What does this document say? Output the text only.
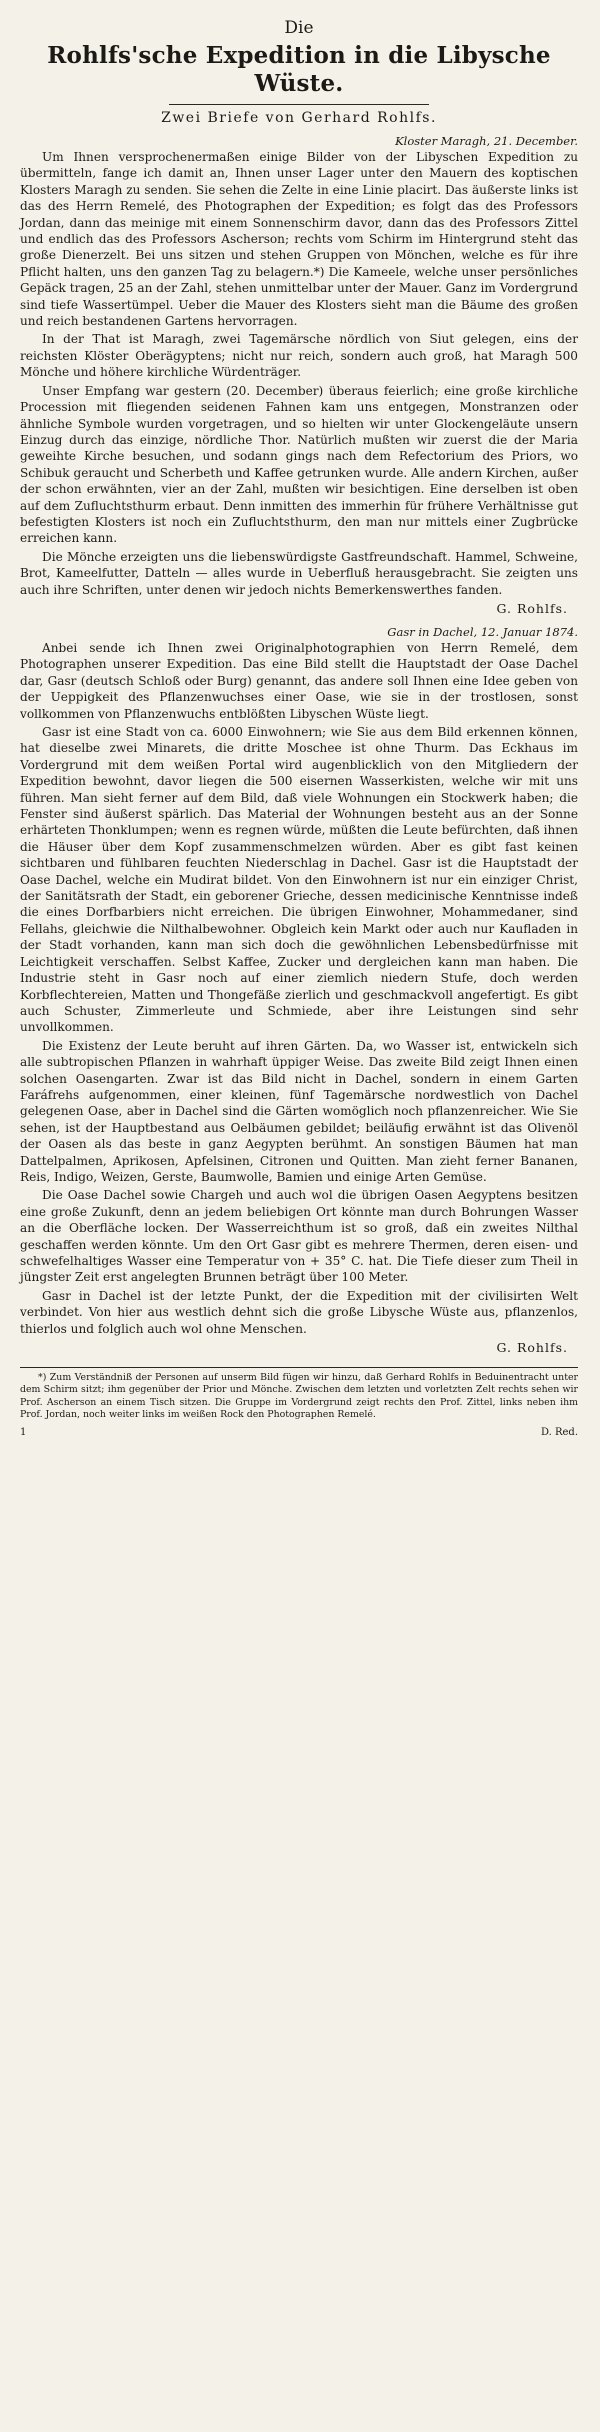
Die

Rohlfs'sche Expedition in die Libysche Wüste.

Zwei Briefe von Gerhard Rohlfs.

Kloster Maragh, 21. December.

Um Ihnen versprochenermaßen einige Bilder von der Libyschen Expedition zu übermitteln, fange ich damit an, Ihnen unser Lager unter den Mauern des koptischen Klosters Maragh zu senden. Sie sehen die Zelte in eine Linie placirt. Das äußerste links ist das des Herrn Remelé, des Photographen der Expedition; es folgt das des Professors Jordan, dann das meinige mit einem Sonnenschirm davor, dann das des Professors Zittel und endlich das des Professors Ascherson; rechts vom Schirm im Hintergrund steht das große Dienerzelt. Bei uns sitzen und stehen Gruppen von Mönchen, welche es für ihre Pflicht halten, uns den ganzen Tag zu belagern.*) Die Kameele, welche unser persönliches Gepäck tragen, 25 an der Zahl, stehen unmittelbar unter der Mauer. Ganz im Vordergrund sind tiefe Wassertümpel. Ueber die Mauer des Klosters sieht man die Bäume des großen und reich bestandenen Gartens hervorragen.

In der That ist Maragh, zwei Tagemärsche nördlich von Siut gelegen, eins der reichsten Klöster Oberägyptens; nicht nur reich, sondern auch groß, hat Maragh 500 Mönche und höhere kirchliche Würdenträger.

Unser Empfang war gestern (20. December) überaus feierlich; eine große kirchliche Procession mit fliegenden seidenen Fahnen kam uns entgegen, Monstranzen oder ähnliche Symbole wurden vorgetragen, und so hielten wir unter Glockengeläute unsern Einzug durch das einzige, nördliche Thor. Natürlich mußten wir zuerst die der Maria geweihte Kirche besuchen, und sodann gings nach dem Refectorium des Priors, wo Schibuk geraucht und Scherbeth und Kaffee getrunken wurde. Alle andern Kirchen, außer der schon erwähnten, vier an der Zahl, mußten wir besichtigen. Eine derselben ist oben auf dem Zufluchtsthurm erbaut. Denn inmitten des immerhin für frühere Verhältnisse gut befestigten Klosters ist noch ein Zufluchtsthurm, den man nur mittels einer Zugbrücke erreichen kann.

Die Mönche erzeigten uns die liebenswürdigste Gastfreundschaft. Hammel, Schweine, Brot, Kameelfutter, Datteln — alles wurde in Ueberfluß herausgebracht. Sie zeigten uns auch ihre Schriften, unter denen wir jedoch nichts Bemerkenswerthes fanden.

G. Rohlfs.

Gasr in Dachel, 12. Januar 1874.

Anbei sende ich Ihnen zwei Originalphotographien von Herrn Remelé, dem Photographen unserer Expedition. Das eine Bild stellt die Hauptstadt der Oase Dachel dar, Gasr (deutsch Schloß oder Burg) genannt, das andere soll Ihnen eine Idee geben von der Ueppigkeit des Pflanzenwuchses einer Oase, wie sie in der trostlosen, sonst vollkommen von Pflanzenwuchs entblößten Libyschen Wüste liegt.

Gasr ist eine Stadt von ca. 6000 Einwohnern; wie Sie aus dem Bild erkennen können, hat dieselbe zwei Minarets, die dritte Moschee ist ohne Thurm. Das Eckhaus im Vordergrund mit dem weißen Portal wird augenblicklich von den Mitgliedern der Expedition bewohnt, davor liegen die 500 eisernen Wasserkisten, welche wir mit uns führen. Man sieht ferner auf dem Bild, daß viele Wohnungen ein Stockwerk haben; die Fenster sind äußerst spärlich. Das Material der Wohnungen besteht aus an der Sonne erhärteten Thonklumpen; wenn es regnen würde, müßten die Leute befürchten, daß ihnen die Häuser über dem Kopf zusammenschmelzen würden. Aber es gibt fast keinen sichtbaren und fühlbaren feuchten Niederschlag in Dachel. Gasr ist die Hauptstadt der Oase Dachel, welche ein Mudirat bildet. Von den Einwohnern ist nur ein einziger Christ, der Sanitätsrath der Stadt, ein geborener Grieche, dessen medicinische Kenntnisse indeß die eines Dorfbarbiers nicht erreichen. Die übrigen Einwohner, Mohammedaner, sind Fellahs, gleichwie die Nilthalbewohner. Obgleich kein Markt oder auch nur Kaufladen in der Stadt vorhanden, kann man sich doch die gewöhnlichen Lebensbedürfnisse mit Leichtigkeit verschaffen. Selbst Kaffee, Zucker und dergleichen kann man haben. Die Industrie steht in Gasr noch auf einer ziemlich niedern Stufe, doch werden Korbflechtereien, Matten und Thongefäße zierlich und geschmackvoll angefertigt. Es gibt auch Schuster, Zimmerleute und Schmiede, aber ihre Leistungen sind sehr unvollkommen.

Die Existenz der Leute beruht auf ihren Gärten. Da, wo Wasser ist, entwickeln sich alle subtropischen Pflanzen in wahrhaft üppiger Weise. Das zweite Bild zeigt Ihnen einen solchen Oasengarten. Zwar ist das Bild nicht in Dachel, sondern in einem Garten Faráfrehs aufgenommen, einer kleinen, fünf Tagemärsche nordwestlich von Dachel gelegenen Oase, aber in Dachel sind die Gärten womöglich noch pflanzenreicher. Wie Sie sehen, ist der Hauptbestand aus Oelbäumen gebildet; beiläufig erwähnt ist das Olivenöl der Oasen als das beste in ganz Aegypten berühmt. An sonstigen Bäumen hat man Dattelpalmen, Aprikosen, Apfelsinen, Citronen und Quitten. Man zieht ferner Bananen, Reis, Indigo, Weizen, Gerste, Baumwolle, Bamien und einige Arten Gemüse.

Die Oase Dachel sowie Chargeh und auch wol die übrigen Oasen Aegyptens besitzen eine große Zukunft, denn an jedem beliebigen Ort könnte man durch Bohrungen Wasser an die Oberfläche locken. Der Wasserreichthum ist so groß, daß ein zweites Nilthal geschaffen werden könnte. Um den Ort Gasr gibt es mehrere Thermen, deren eisen- und schwefelhaltiges Wasser eine Temperatur von + 35° C. hat. Die Tiefe dieser zum Theil in jüngster Zeit erst angelegten Brunnen beträgt über 100 Meter.

Gasr in Dachel ist der letzte Punkt, der die Expedition mit der civilisirten Welt verbindet. Von hier aus westlich dehnt sich die große Libysche Wüste aus, pflanzenlos, thierlos und folglich auch wol ohne Menschen.

G. Rohlfs.

*) Zum Verständniß der Personen auf unserm Bild fügen wir hinzu, daß Gerhard Rohlfs in Beduinentracht unter dem Schirm sitzt; ihm gegenüber der Prior und Mönche. Zwischen dem letzten und vorletzten Zelt rechts sehen wir Prof. Ascherson an einem Tisch sitzen. Die Gruppe im Vordergrund zeigt rechts den Prof. Zittel, links neben ihm Prof. Jordan, noch weiter links im weißen Rock den Photographen Remelé.

1	D. Red.
